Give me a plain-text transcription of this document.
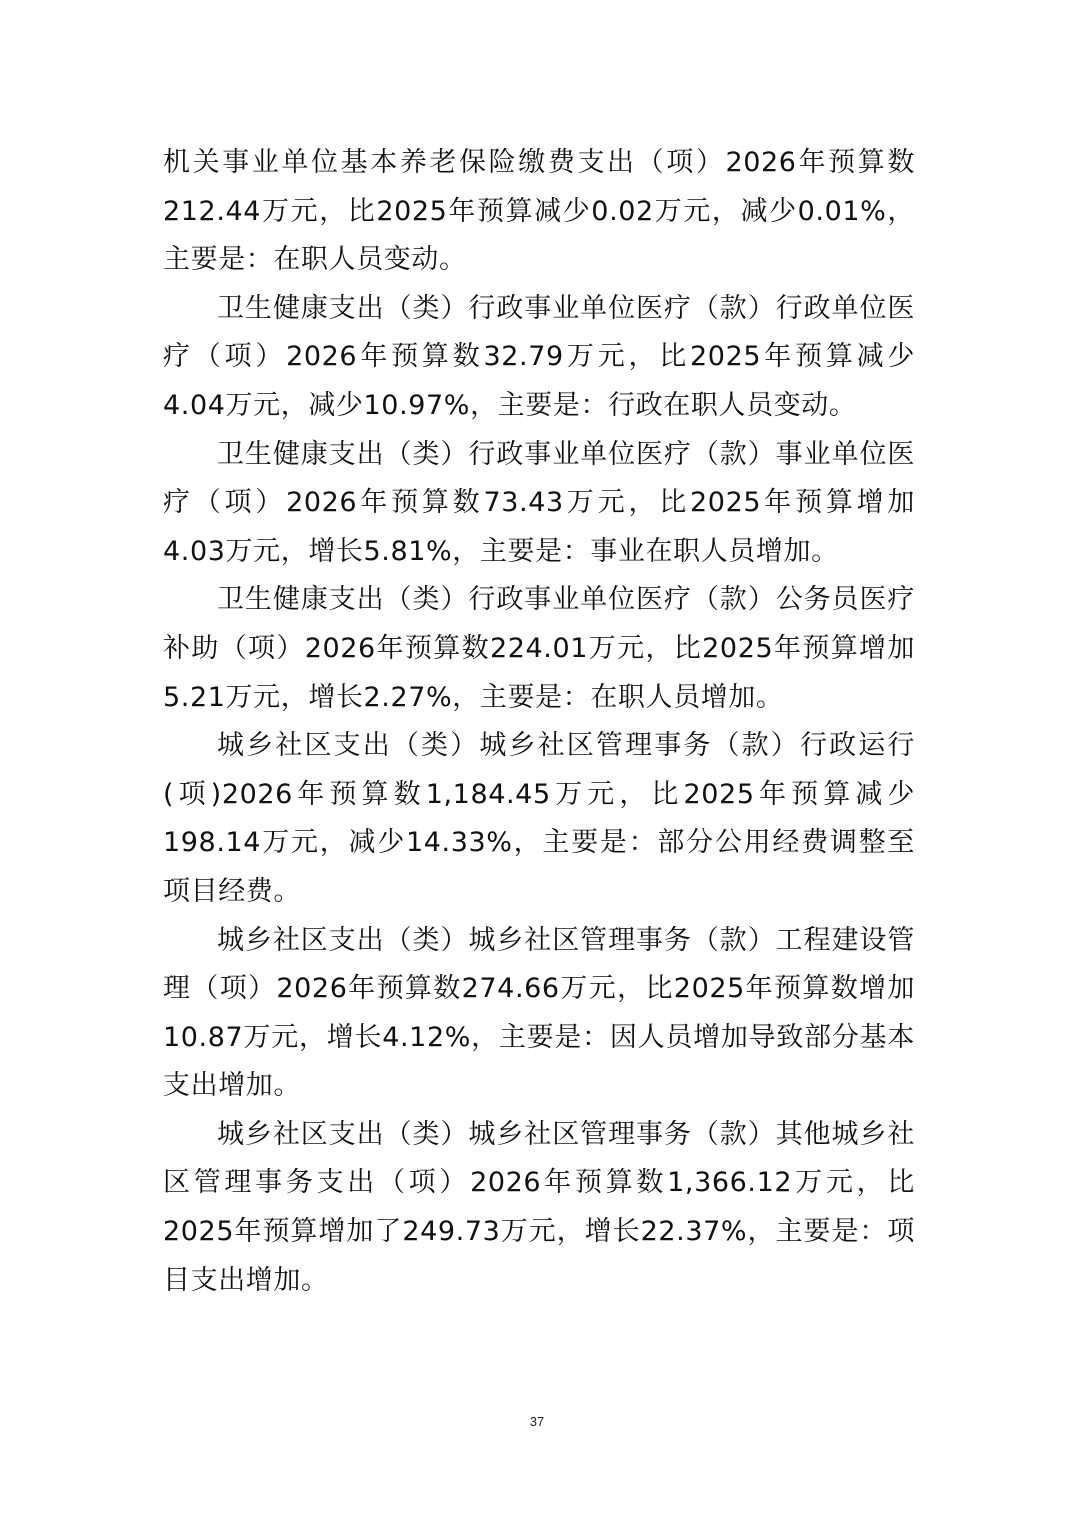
机关事业单位基本养老保险缴费支出（项）2026年预算数212.44万元，比2025年预算减少0.02万元，减少0.01%，主要是：在职人员变动。

卫生健康支出（类）行政事业单位医疗（款）行政单位医疗（项）2026年预算数32.79万元，比2025年预算减少4.04万元，减少10.97%，主要是：行政在职人员变动。

卫生健康支出（类）行政事业单位医疗（款）事业单位医疗（项）2026年预算数73.43万元，比2025年预算增加4.03万元，增长5.81%，主要是：事业在职人员增加。

卫生健康支出（类）行政事业单位医疗（款）公务员医疗补助（项）2026年预算数224.01万元，比2025年预算增加5.21万元，增长2.27%，主要是：在职人员增加。

城乡社区支出（类）城乡社区管理事务（款）行政运行(项)2026年预算数1,184.45万元，比2025年预算减少198.14万元，减少14.33%，主要是：部分公用经费调整至项目经费。

城乡社区支出（类）城乡社区管理事务（款）工程建设管理（项）2026年预算数274.66万元，比2025年预算数增加10.87万元，增长4.12%，主要是：因人员增加导致部分基本支出增加。

城乡社区支出（类）城乡社区管理事务（款）其他城乡社区管理事务支出（项）2026年预算数1,366.12万元，比2025年预算增加了249.73万元，增长22.37%，主要是：项目支出增加。

37
